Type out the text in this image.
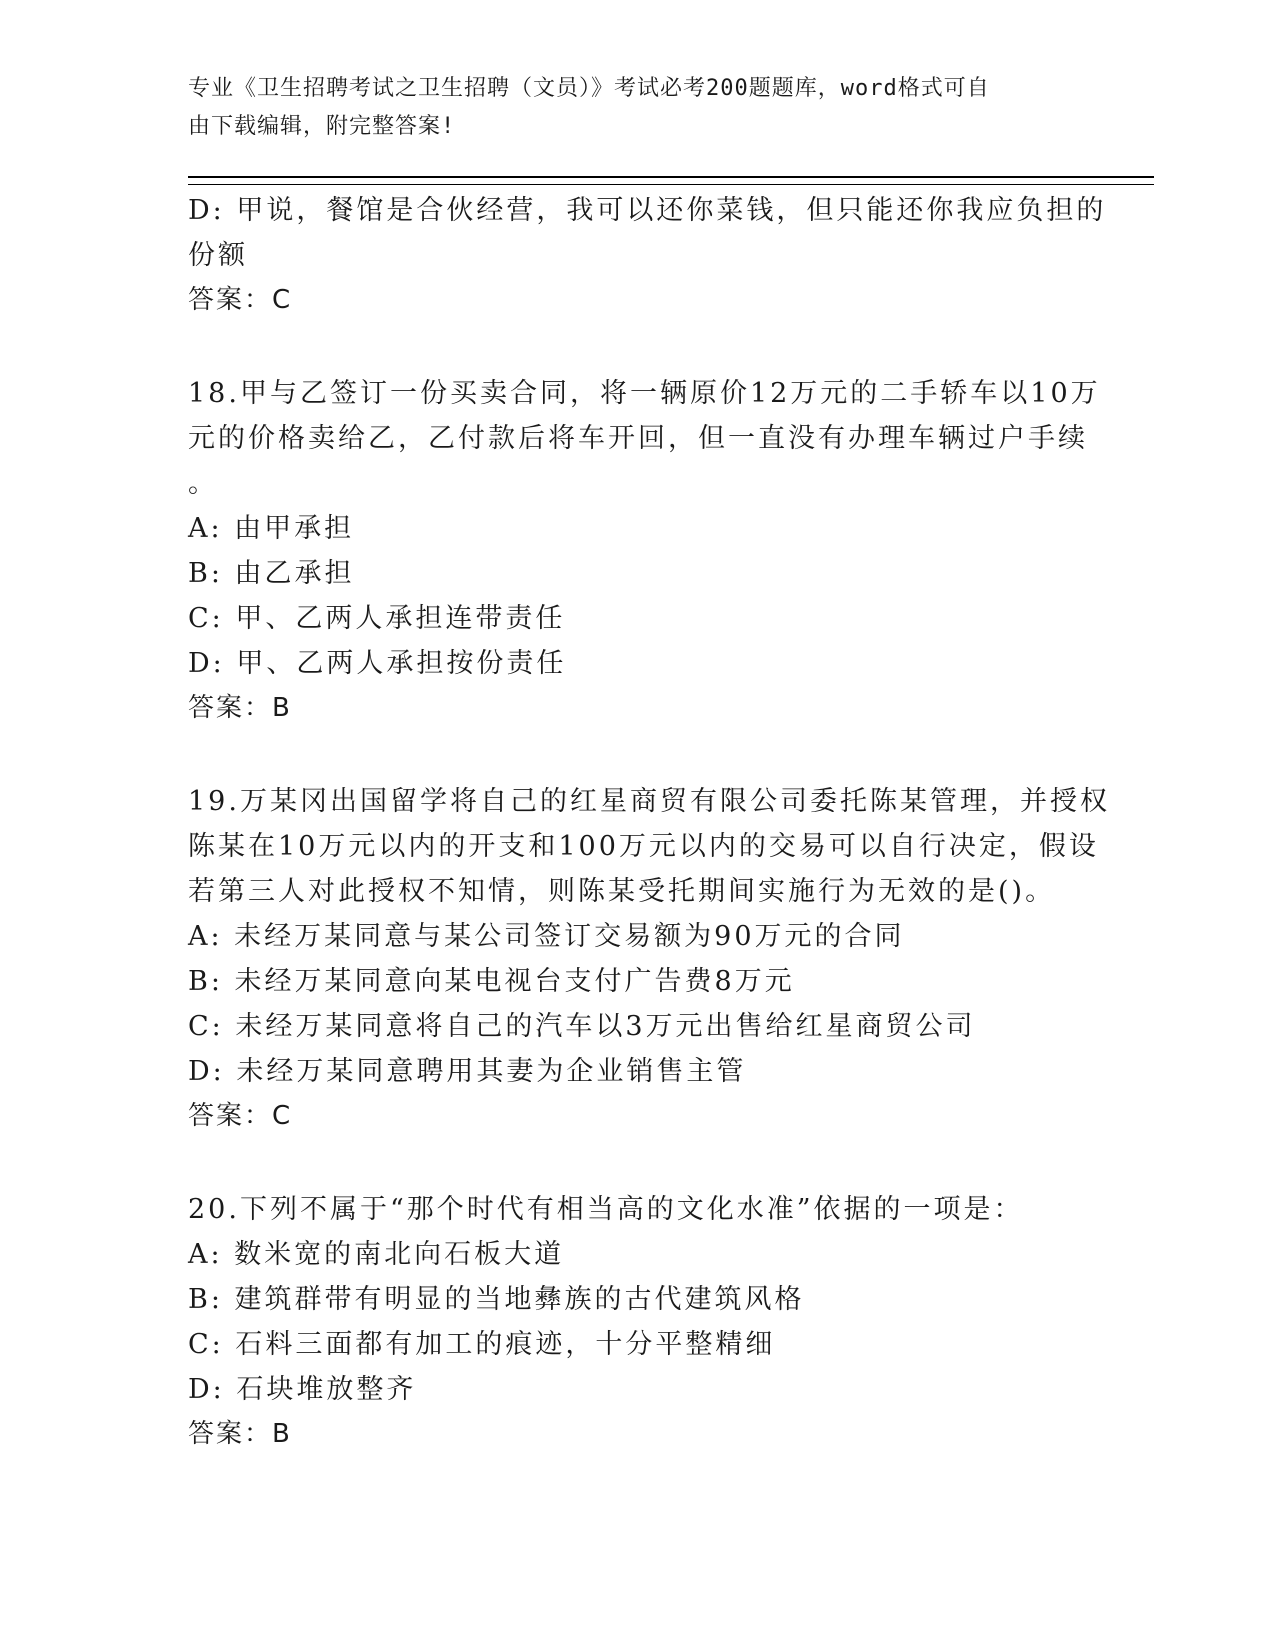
专业《卫生招聘考试之卫生招聘（文员）》考试必考200题题库，word格式可自
由下载编辑，附完整答案!
D: 甲说，餐馆是合伙经营，我可以还你菜钱，但只能还你我应负担的
份额
答案：C
18.甲与乙签订一份买卖合同，将一辆原价12万元的二手轿车以10万
元的价格卖给乙，乙付款后将车开回，但一直没有办理车辆过户手续
。
A: 由甲承担
B: 由乙承担
C: 甲、乙两人承担连带责任
D: 甲、乙两人承担按份责任
答案：B
19.万某冈出国留学将自己的红星商贸有限公司委托陈某管理，并授权
陈某在10万元以内的开支和100万元以内的交易可以自行决定，假设
若第三人对此授权不知情，则陈某受托期间实施行为无效的是()。
A: 未经万某同意与某公司签订交易额为90万元的合同
B: 未经万某同意向某电视台支付广告费8万元
C: 未经万某同意将自己的汽车以3万元出售给红星商贸公司
D: 未经万某同意聘用其妻为企业销售主管
答案：C
20.下列不属于“那个时代有相当高的文化水准”依据的一项是：
A: 数米宽的南北向石板大道
B: 建筑群带有明显的当地彝族的古代建筑风格
C: 石料三面都有加工的痕迹，十分平整精细
D: 石块堆放整齐
答案：B
